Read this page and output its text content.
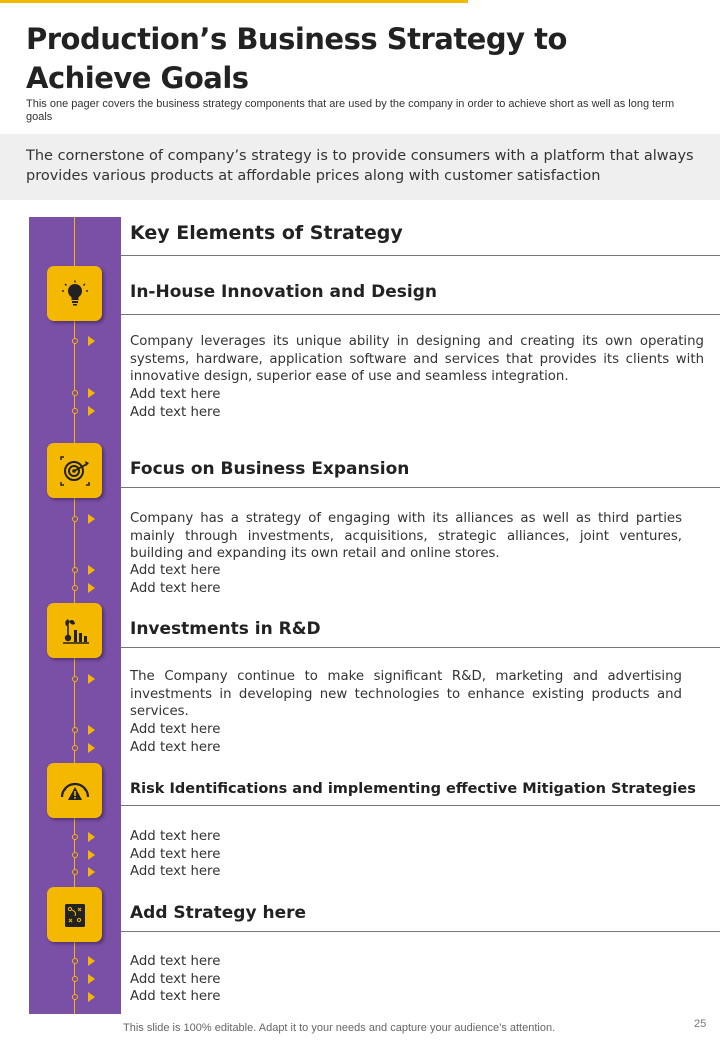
Production’s Business Strategy to Achieve Goals

This one pager covers the business strategy components that are used by the company in order to achieve short as well as long term goals

The cornerstone of company’s strategy is to provide consumers with a platform that always provides various products at affordable prices along with customer satisfaction

Key Elements of Strategy
In-House Innovation and Design

Company leverages its unique ability in designing and creating its own operating systems, hardware, application software and services that provides its clients with innovative design, superior ease of use and seamless integration.

Add text here

Add text here

Focus on Business Expansion

Company has a strategy of engaging with its alliances as well as third parties mainly through investments, acquisitions, strategic alliances, joint ventures, building and expanding its own retail and online stores.

Add text here

Add text here

Investments in R&D

The Company continue to make significant R&D, marketing and advertising investments in developing new technologies to enhance existing products and services.

Add text here

Add text here

Risk Identifications and implementing effective Mitigation Strategies

Add text here

Add text here

Add text here

Add Strategy here

Add text here

Add text here

Add text here

This slide is 100% editable. Adapt it to your needs and capture your audience’s attention.	25
